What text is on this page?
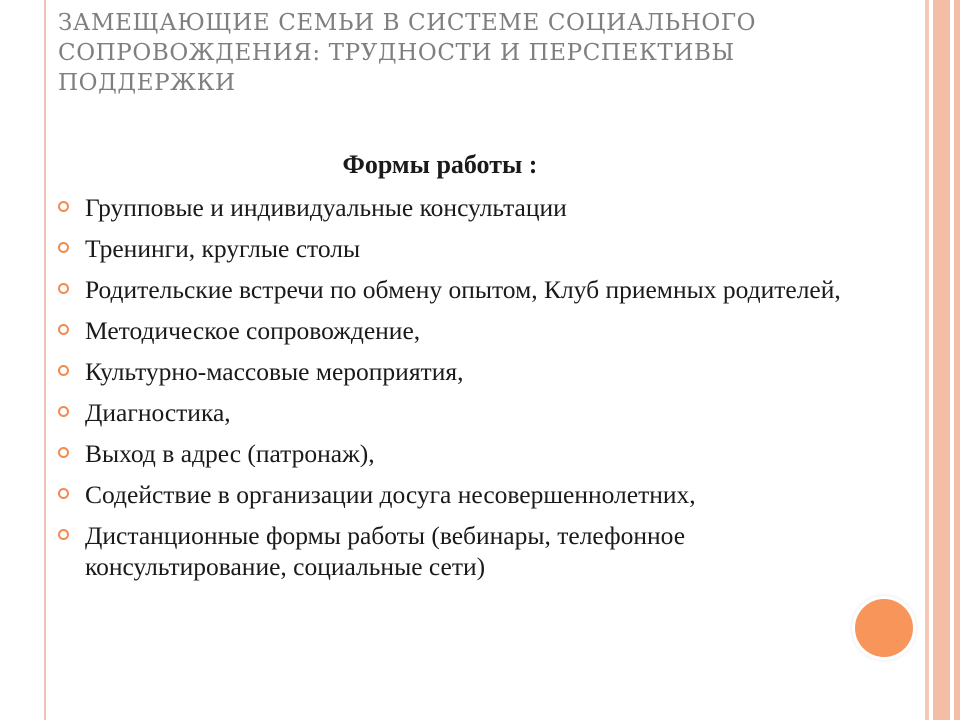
ЗАМЕЩАЮЩИЕ СЕМЬИ В СИСТЕМЕ СОЦИАЛЬНОГО СОПРОВОЖДЕНИЯ: ТРУДНОСТИ И ПЕРСПЕКТИВЫ ПОДДЕРЖКИ
Формы работы :
Групповые и индивидуальные консультации
Тренинги, круглые столы
Родительские встречи по обмену опытом, Клуб приемных родителей,
Методическое сопровождение,
Культурно-массовые мероприятия,
Диагностика,
Выход в адрес (патронаж),
Содействие в организации досуга несовершеннолетних,
Дистанционные формы работы (вебинары, телефонное консультирование, социальные сети)
